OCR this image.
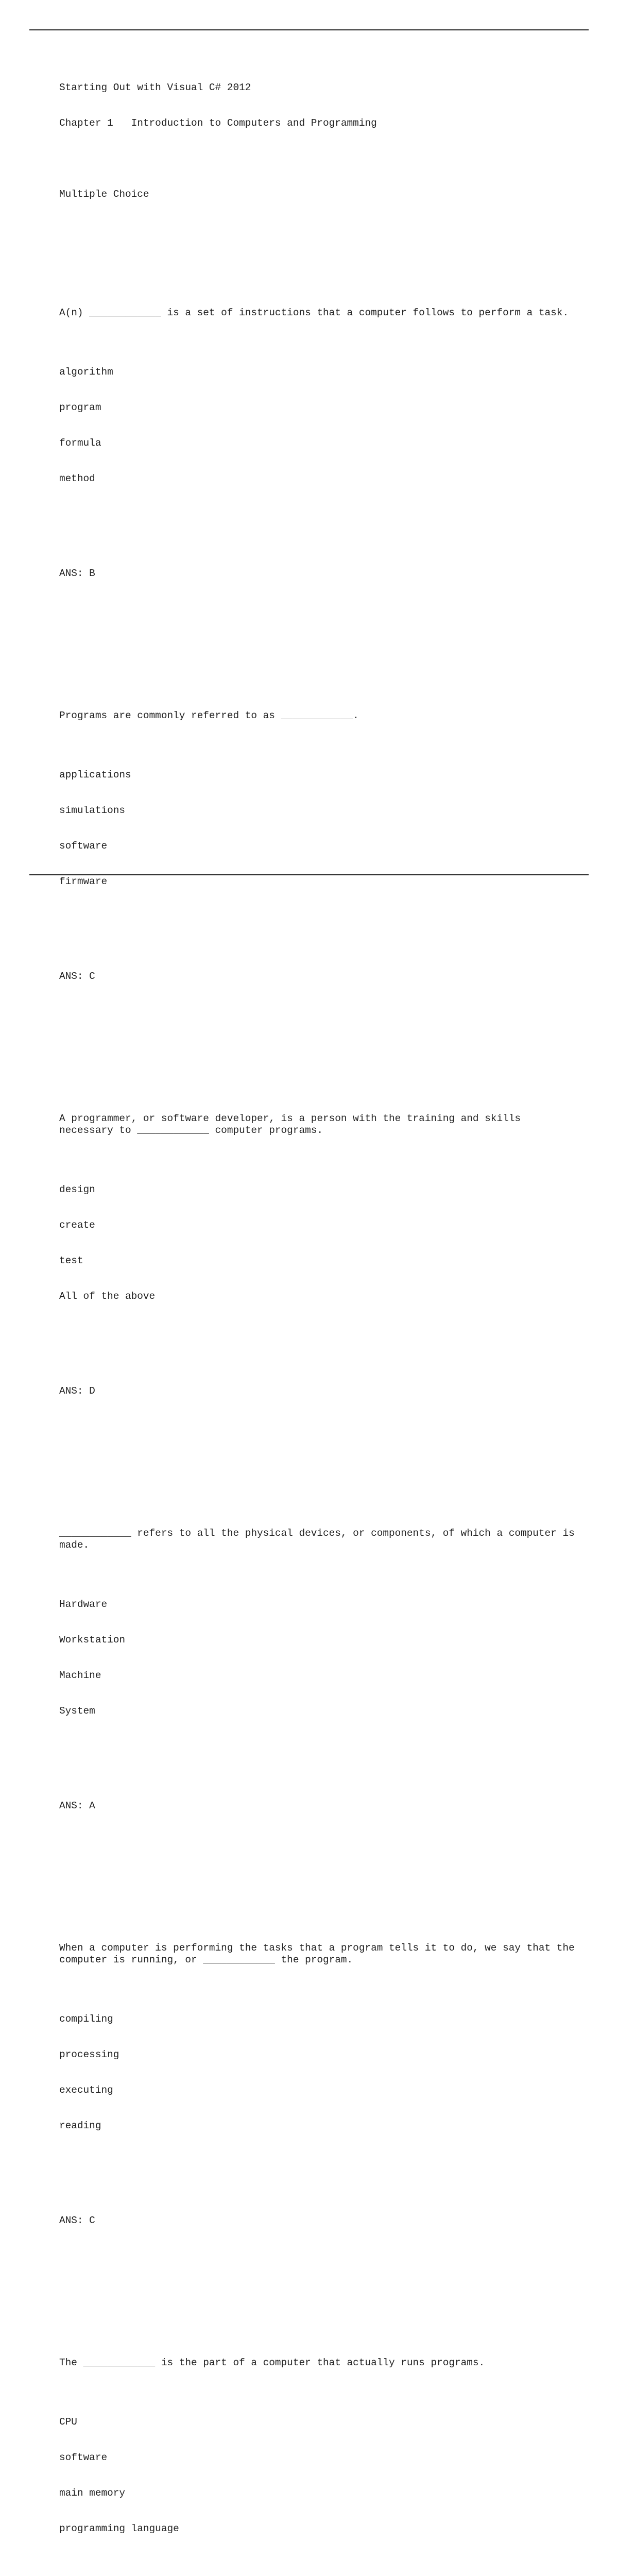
Starting Out with Visual C# 2012

Chapter 1   Introduction to Computers and Programming

Multiple Choice

A(n) ____________ is a set of instructions that a computer follows to perform a task.

algorithm

program

formula

method

ANS: B

Programs are commonly referred to as ____________.

applications

simulations

software

firmware

ANS: C

A programmer, or software developer, is a person with the training and skills necessary to ____________ computer programs.

design

create

test

All of the above

ANS: D

____________ refers to all the physical devices, or components, of which a computer is made.

Hardware

Workstation

Machine

System

ANS: A

When a computer is performing the tasks that a program tells it to do, we say that the computer is running, or ____________ the program.

compiling

processing

executing

reading

ANS: C

The ____________ is the part of a computer that actually runs programs.

CPU

software

main memory

programming language
